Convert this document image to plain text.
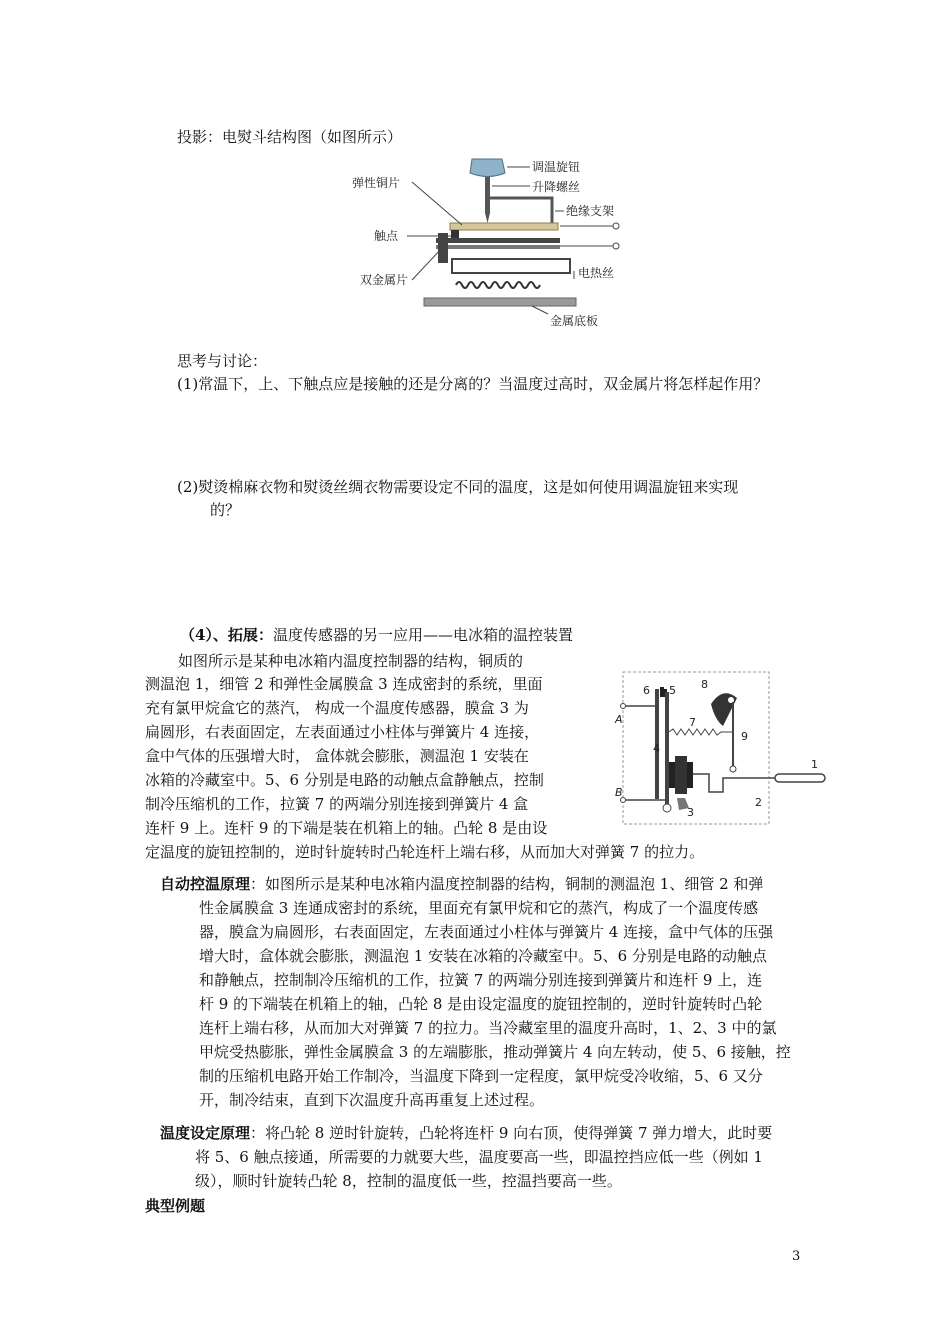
投影：电熨斗结构图（如图所示）
调温旋钮
升降螺丝
弹性铜片
绝缘支架
触点
双金属片	电热丝
金属底板
思考与讨论：
(1)常温下，上、下触点应是接触的还是分离的？当温度过高时，双金属片将怎样起作用？
(2)熨烫棉麻衣物和熨烫丝绸衣物需要设定不同的温度，这是如何使用调温旋钮来实现
的？
（4）、拓展：温度传感器的另一应用——电冰箱的温控装置
如图所示是某种电冰箱内温度控制器的结构，铜质的
测温泡 1，细管 2 和弹性金属膜盒 3 连成密封的系统，里面
充有氯甲烷盒它的蒸汽， 构成一个温度传感器，膜盒 3 为
扁圆形，右表面固定，左表面通过小柱体与弹簧片 4 连接，
盒中气体的压强增大时， 盒体就会膨胀，测温泡 1 安装在
冰箱的冷藏室中。5、6 分别是电路的动触点盒静触点，控制
制冷压缩机的工作，拉簧 7 的两端分别连接到弹簧片 4 盒
连杆 9 上。连杆 9 的下端是装在机箱上的轴。凸轮 8 是由设
定温度的旋钮控制的，逆时针旋转时凸轮连杆上端右移，从而加大对弹簧 7 的拉力。
6 5 8
A	7
9
4
1
B
3
2
自动控温原理：如图所示是某种电冰箱内温度控制器的结构，铜制的测温泡 1、细管 2 和弹
性金属膜盒 3 连通成密封的系统，里面充有氯甲烷和它的蒸汽，构成了一个温度传感
器，膜盒为扁圆形，右表面固定，左表面通过小柱体与弹簧片 4 连接，盒中气体的压强
增大时，盒体就会膨胀，测温泡 1 安装在冰箱的冷藏室中。5、6 分别是电路的动触点
和静触点，控制制冷压缩机的工作，拉簧 7 的两端分别连接到弹簧片和连杆 9 上，连
杆 9 的下端装在机箱上的轴，凸轮 8 是由设定温度的旋钮控制的，逆时针旋转时凸轮
连杆上端右移，从而加大对弹簧 7 的拉力。当冷藏室里的温度升高时，1、2、3 中的氯
甲烷受热膨胀，弹性金属膜盒 3 的左端膨胀，推动弹簧片 4 向左转动，使 5、6 接触，控
制的压缩机电路开始工作制冷，当温度下降到一定程度，氯甲烷受冷收缩，5、6 又分
开，制冷结束，直到下次温度升高再重复上述过程。
温度设定原理：将凸轮 8 逆时针旋转，凸轮将连杆 9 向右顶，使得弹簧 7 弹力增大，此时要
将 5、6 触点接通，所需要的力就要大些，温度要高一些，即温控挡应低一些（例如 1
级），顺时针旋转凸轮 8，控制的温度低一些，控温挡要高一些。
典型例题
3
